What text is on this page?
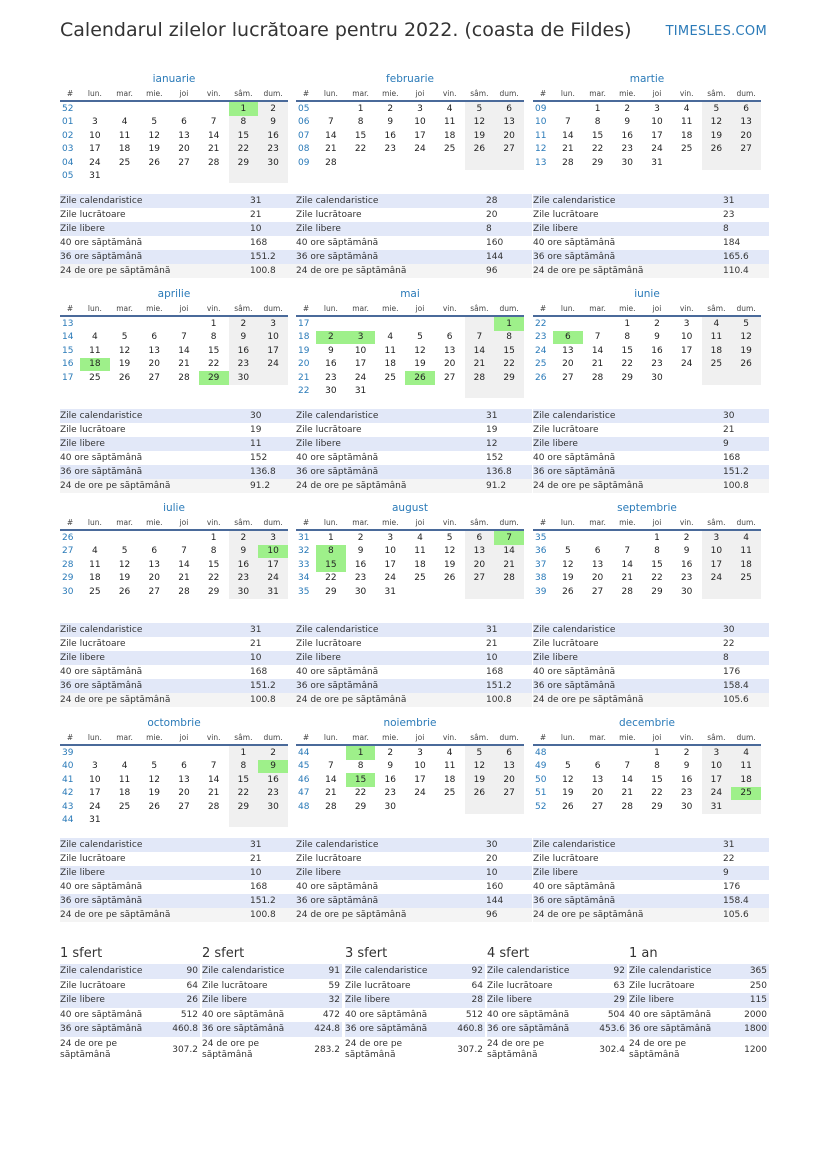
Calendarul zilelor lucrătoare pentru 2022. (coasta de Fildes)	TIMESLES.COM
ianuarie
#	lun.	mar.	mie.	joi	vin.	sâm.	dum.
52						1	2
01	3	4	5	6	7	8	9
02	10	11	12	13	14	15	16
03	17	18	19	20	21	22	23
04	24	25	26	27	28	29	30
05	31						
Zile calendaristice	31
Zile lucrătoare	21
Zile libere	10
40 ore săptămână	168
36 ore săptămână	151.2
24 de ore pe săptămână	100.8
februarie
#	lun.	mar.	mie.	joi	vin.	sâm.	dum.
05		1	2	3	4	5	6
06	7	8	9	10	11	12	13
07	14	15	16	17	18	19	20
08	21	22	23	24	25	26	27
09	28						
Zile calendaristice	28
Zile lucrătoare	20
Zile libere	8
40 ore săptămână	160
36 ore săptămână	144
24 de ore pe săptămână	96
martie
#	lun.	mar.	mie.	joi	vin.	sâm.	dum.
09		1	2	3	4	5	6
10	7	8	9	10	11	12	13
11	14	15	16	17	18	19	20
12	21	22	23	24	25	26	27
13	28	29	30	31			
Zile calendaristice	31
Zile lucrătoare	23
Zile libere	8
40 ore săptămână	184
36 ore săptămână	165.6
24 de ore pe săptămână	110.4
aprilie
#	lun.	mar.	mie.	joi	vin.	sâm.	dum.
13					1	2	3
14	4	5	6	7	8	9	10
15	11	12	13	14	15	16	17
16	18	19	20	21	22	23	24
17	25	26	27	28	29	30	
Zile calendaristice	30
Zile lucrătoare	19
Zile libere	11
40 ore săptămână	152
36 ore săptămână	136.8
24 de ore pe săptămână	91.2
mai
#	lun.	mar.	mie.	joi	vin.	sâm.	dum.
17							1
18	2	3	4	5	6	7	8
19	9	10	11	12	13	14	15
20	16	17	18	19	20	21	22
21	23	24	25	26	27	28	29
22	30	31					
Zile calendaristice	31
Zile lucrătoare	19
Zile libere	12
40 ore săptămână	152
36 ore săptămână	136.8
24 de ore pe săptămână	91.2
iunie
#	lun.	mar.	mie.	joi	vin.	sâm.	dum.
22			1	2	3	4	5
23	6	7	8	9	10	11	12
24	13	14	15	16	17	18	19
25	20	21	22	23	24	25	26
26	27	28	29	30			
Zile calendaristice	30
Zile lucrătoare	21
Zile libere	9
40 ore săptămână	168
36 ore săptămână	151.2
24 de ore pe săptămână	100.8
iulie
#	lun.	mar.	mie.	joi	vin.	sâm.	dum.
26					1	2	3
27	4	5	6	7	8	9	10
28	11	12	13	14	15	16	17
29	18	19	20	21	22	23	24
30	25	26	27	28	29	30	31
Zile calendaristice	31
Zile lucrătoare	21
Zile libere	10
40 ore săptămână	168
36 ore săptămână	151.2
24 de ore pe săptămână	100.8
august
#	lun.	mar.	mie.	joi	vin.	sâm.	dum.
31	1	2	3	4	5	6	7
32	8	9	10	11	12	13	14
33	15	16	17	18	19	20	21
34	22	23	24	25	26	27	28
35	29	30	31				
Zile calendaristice	31
Zile lucrătoare	21
Zile libere	10
40 ore săptămână	168
36 ore săptămână	151.2
24 de ore pe săptămână	100.8
septembrie
#	lun.	mar.	mie.	joi	vin.	sâm.	dum.
35				1	2	3	4
36	5	6	7	8	9	10	11
37	12	13	14	15	16	17	18
38	19	20	21	22	23	24	25
39	26	27	28	29	30		
Zile calendaristice	30
Zile lucrătoare	22
Zile libere	8
40 ore săptămână	176
36 ore săptămână	158.4
24 de ore pe săptămână	105.6
octombrie
#	lun.	mar.	mie.	joi	vin.	sâm.	dum.
39						1	2
40	3	4	5	6	7	8	9
41	10	11	12	13	14	15	16
42	17	18	19	20	21	22	23
43	24	25	26	27	28	29	30
44	31						
Zile calendaristice	31
Zile lucrătoare	21
Zile libere	10
40 ore săptămână	168
36 ore săptămână	151.2
24 de ore pe săptămână	100.8
noiembrie
#	lun.	mar.	mie.	joi	vin.	sâm.	dum.
44		1	2	3	4	5	6
45	7	8	9	10	11	12	13
46	14	15	16	17	18	19	20
47	21	22	23	24	25	26	27
48	28	29	30				
Zile calendaristice	30
Zile lucrătoare	20
Zile libere	10
40 ore săptămână	160
36 ore săptămână	144
24 de ore pe săptămână	96
decembrie
#	lun.	mar.	mie.	joi	vin.	sâm.	dum.
48				1	2	3	4
49	5	6	7	8	9	10	11
50	12	13	14	15	16	17	18
51	19	20	21	22	23	24	25
52	26	27	28	29	30	31	
Zile calendaristice	31
Zile lucrătoare	22
Zile libere	9
40 ore săptămână	176
36 ore săptămână	158.4
24 de ore pe săptămână	105.6
1 sfert
Zile calendaristice	90
Zile lucrătoare	64
Zile libere	26
40 ore săptămână	512
36 ore săptămână	460.8
24 de ore pe săptămână	307.2
2 sfert
Zile calendaristice	91
Zile lucrătoare	59
Zile libere	32
40 ore săptămână	472
36 ore săptămână	424.8
24 de ore pe săptămână	283.2
3 sfert
Zile calendaristice	92
Zile lucrătoare	64
Zile libere	28
40 ore săptămână	512
36 ore săptămână	460.8
24 de ore pe săptămână	307.2
4 sfert
Zile calendaristice	92
Zile lucrătoare	63
Zile libere	29
40 ore săptămână	504
36 ore săptămână	453.6
24 de ore pe săptămână	302.4
1 an
Zile calendaristice	365
Zile lucrătoare	250
Zile libere	115
40 ore săptămână	2000
36 ore săptămână	1800
24 de ore pe săptămână	1200
